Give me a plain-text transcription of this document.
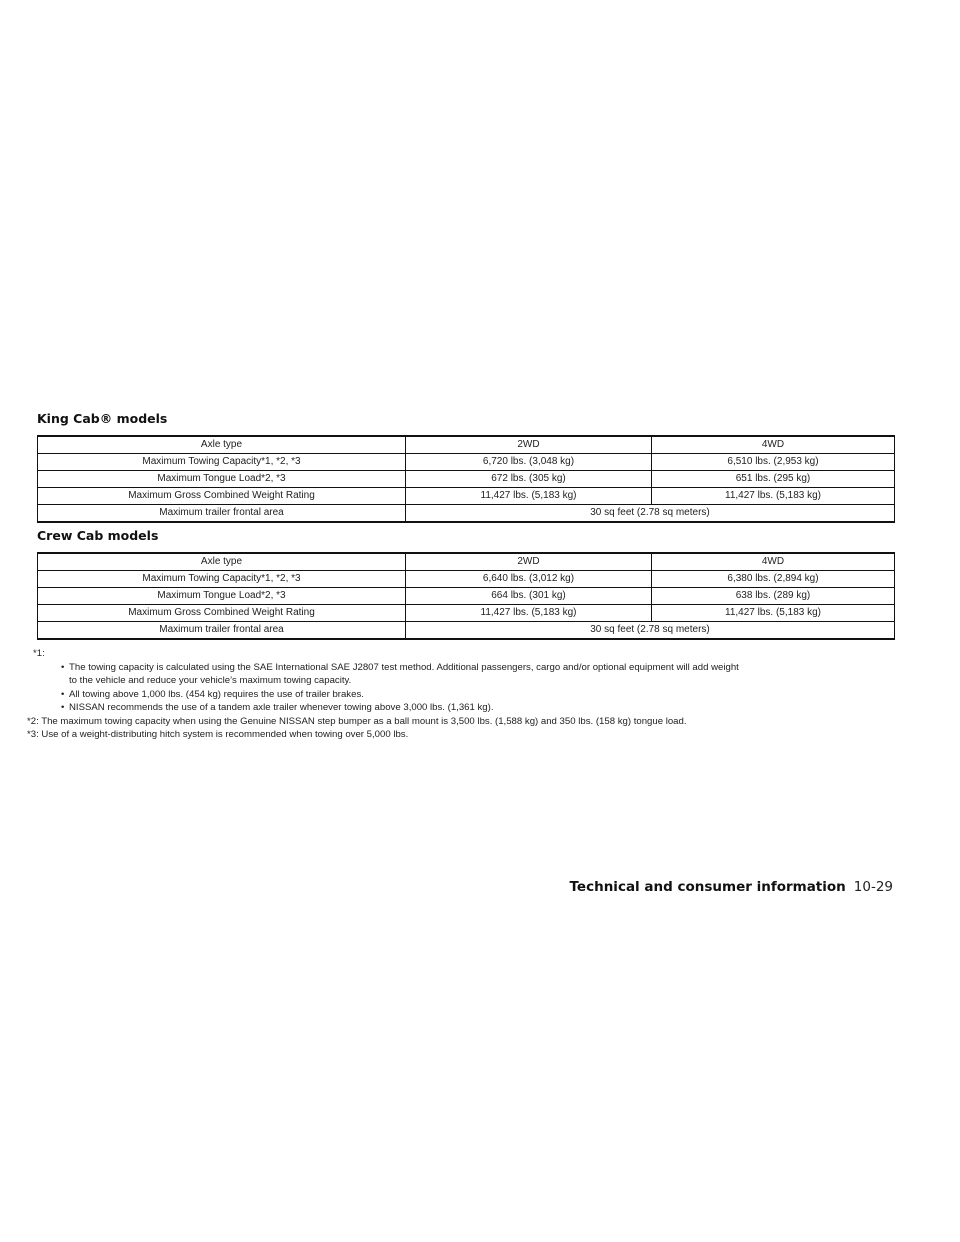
King Cab® models
Axle type	2WD	4WD
Maximum Towing Capacity*1, *2, *3	6,720 lbs. (3,048 kg)	6,510 lbs. (2,953 kg)
Maximum Tongue Load*2, *3	672 lbs. (305 kg)	651 lbs. (295 kg)
Maximum Gross Combined Weight Rating	11,427 lbs. (5,183 kg)	11,427 lbs. (5,183 kg)
Maximum trailer frontal area	30 sq feet (2.78 sq meters)	
Crew Cab models
Axle type	2WD	4WD
Maximum Towing Capacity*1, *2, *3	6,640 lbs. (3,012 kg)	6,380 lbs. (2,894 kg)
Maximum Tongue Load*2, *3	664 lbs. (301 kg)	638 lbs. (289 kg)
Maximum Gross Combined Weight Rating	11,427 lbs. (5,183 kg)	11,427 lbs. (5,183 kg)
Maximum trailer frontal area	30 sq feet (2.78 sq meters)	
*1:
• The towing capacity is calculated using the SAE International SAE J2807 test method. Additional passengers, cargo and/or optional equipment will add weight
to the vehicle and reduce your vehicle’s maximum towing capacity.
• All towing above 1,000 lbs. (454 kg) requires the use of trailer brakes.
• NISSAN recommends the use of a tandem axle trailer whenever towing above 3,000 lbs. (1,361 kg).
*2: The maximum towing capacity when using the Genuine NISSAN step bumper as a ball mount is 3,500 lbs. (1,588 kg) and 350 lbs. (158 kg) tongue load.
*3: Use of a weight-distributing hitch system is recommended when towing over 5,000 lbs.
Technical and consumer information 10-29
